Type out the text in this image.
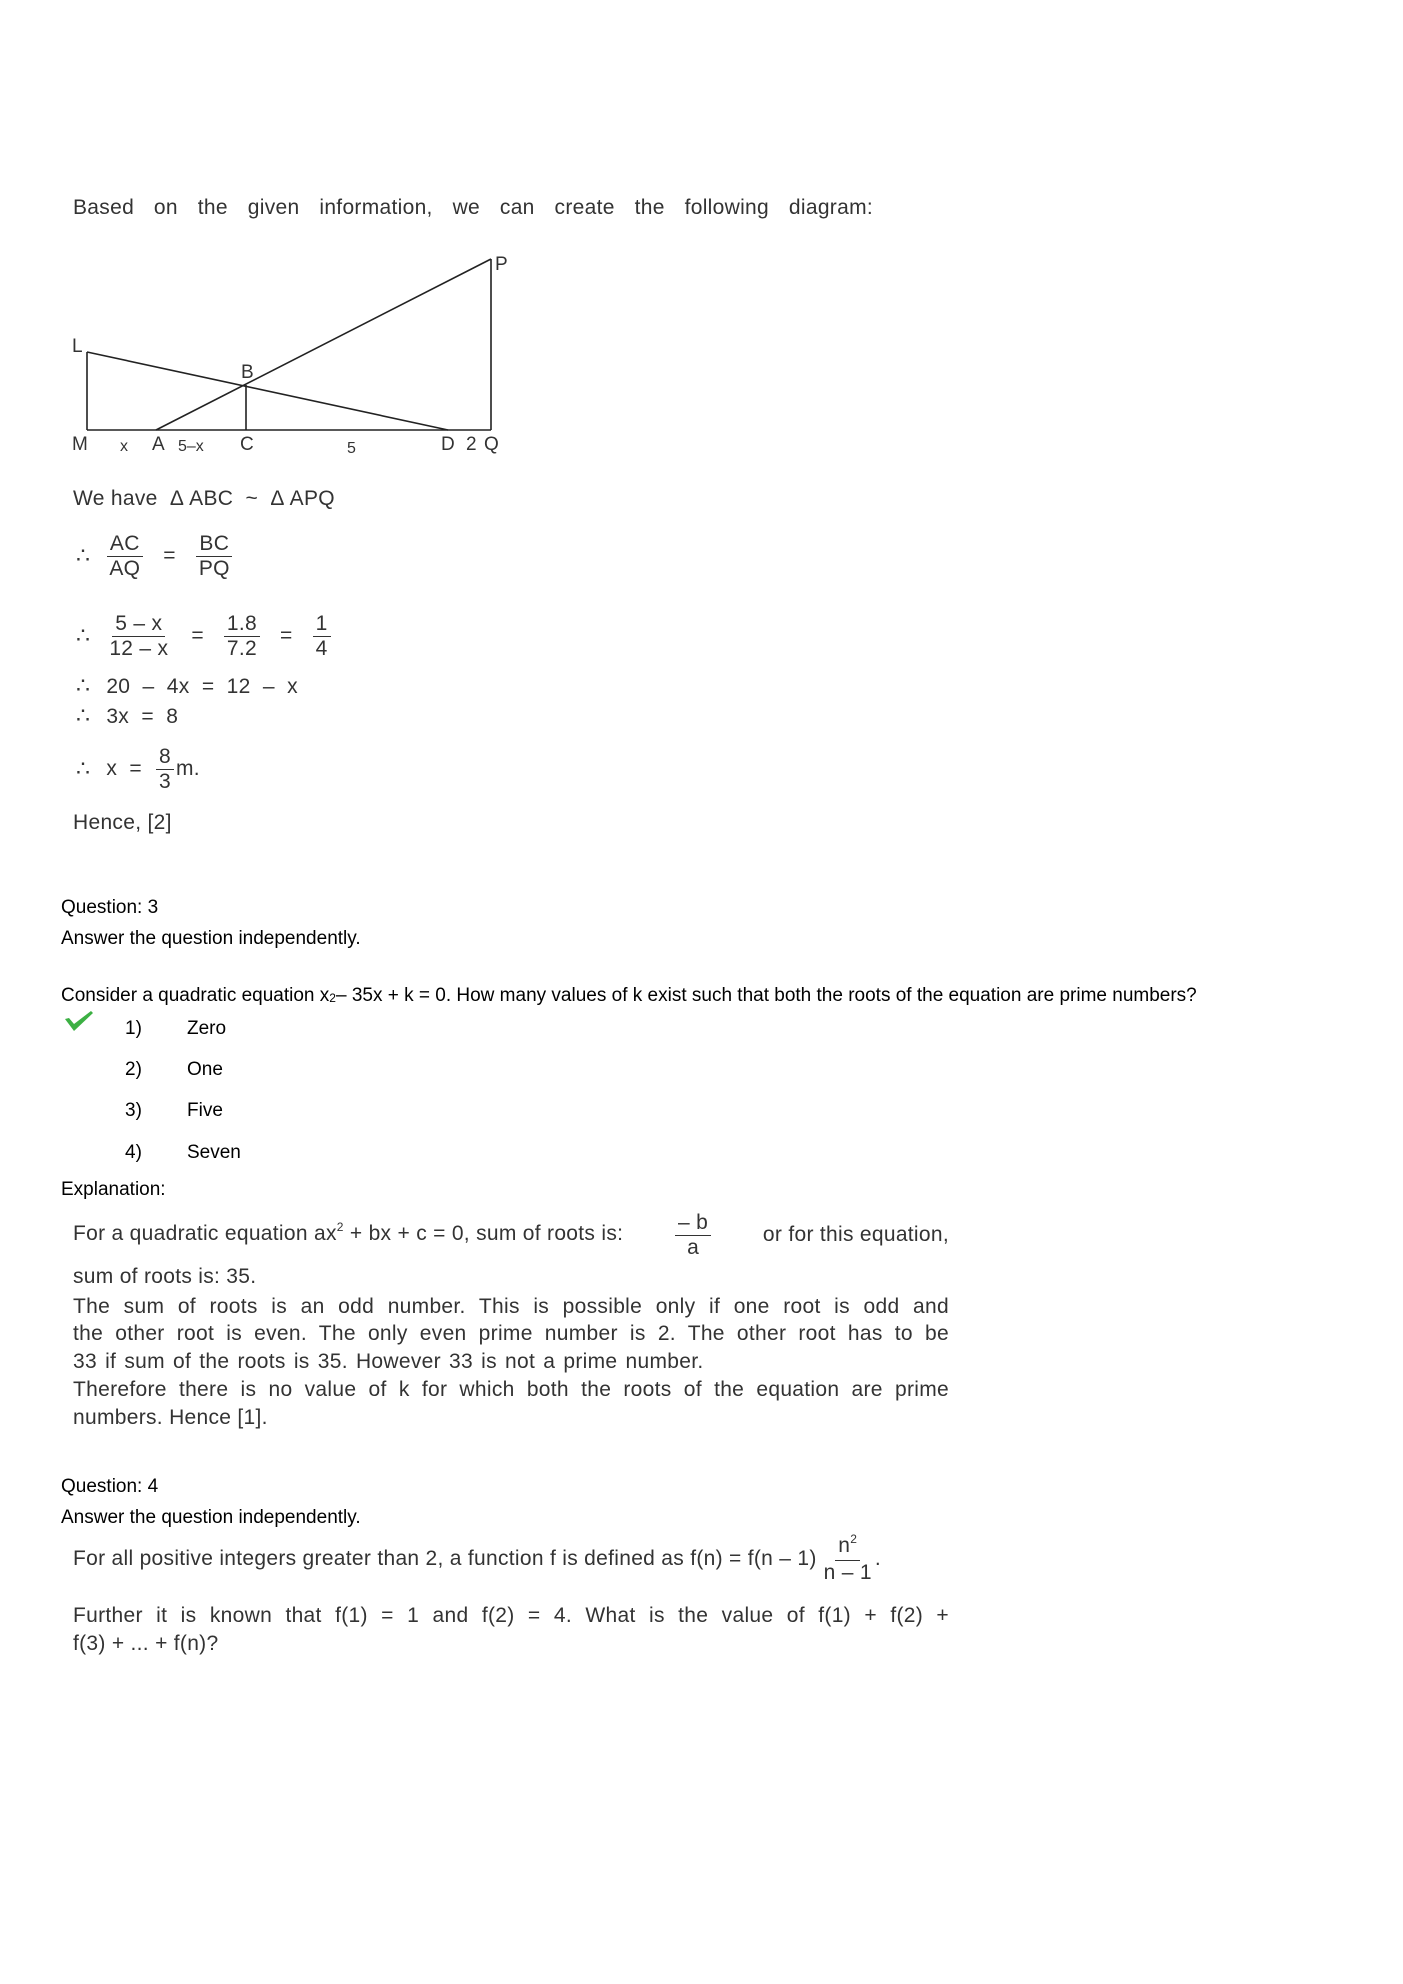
Based on the given information, we can create the following diagram:
L
B
P
M x A 5–x C	5	D 2 Q
We have  Δ ABC  ~  Δ APQ
∴ $\frac{AC}{AQ} = \frac{BC}{PQ}$
∴ $\frac{5 - x}{12 - x} = \frac{1.8}{7.2} = \frac{1}{4}$
∴ 20  –  4x  =  12  –  x
∴ 3x  =  8
∴ $x = \frac{8}{3} m$.
Hence, [2]
Question: 3
Answer the question independently.
Consider a quadratic equation x2– 35x + k = 0. How many values of k exist such that both the roots of the equation are prime numbers?
1) Zero
2) One
3) Five
4) Seven
Explanation:
For a quadratic equation $ax^2$ + bx + c = 0, sum of roots is: $\frac{- b}{a}$ or for this equation,
sum of roots is: 35.
The sum of roots is an odd number. This is possible only if one root is odd and
the other root is even. The only even prime number is 2. The other root has to be
33 if sum of the roots is 35. However 33 is not a prime number.
Therefore there is no value of k for which both the roots of the equation are prime
numbers. Hence [1].
Question: 4
Answer the question independently.
For all positive integers greater than 2, a function f is defined as $f(n) = f(n - 1) \frac{n^2}{n - 1}$ .
Further it is known that f(1) = 1 and f(2) = 4. What is the value of f(1) + f(2) +
f(3) + ... + f(n)?
